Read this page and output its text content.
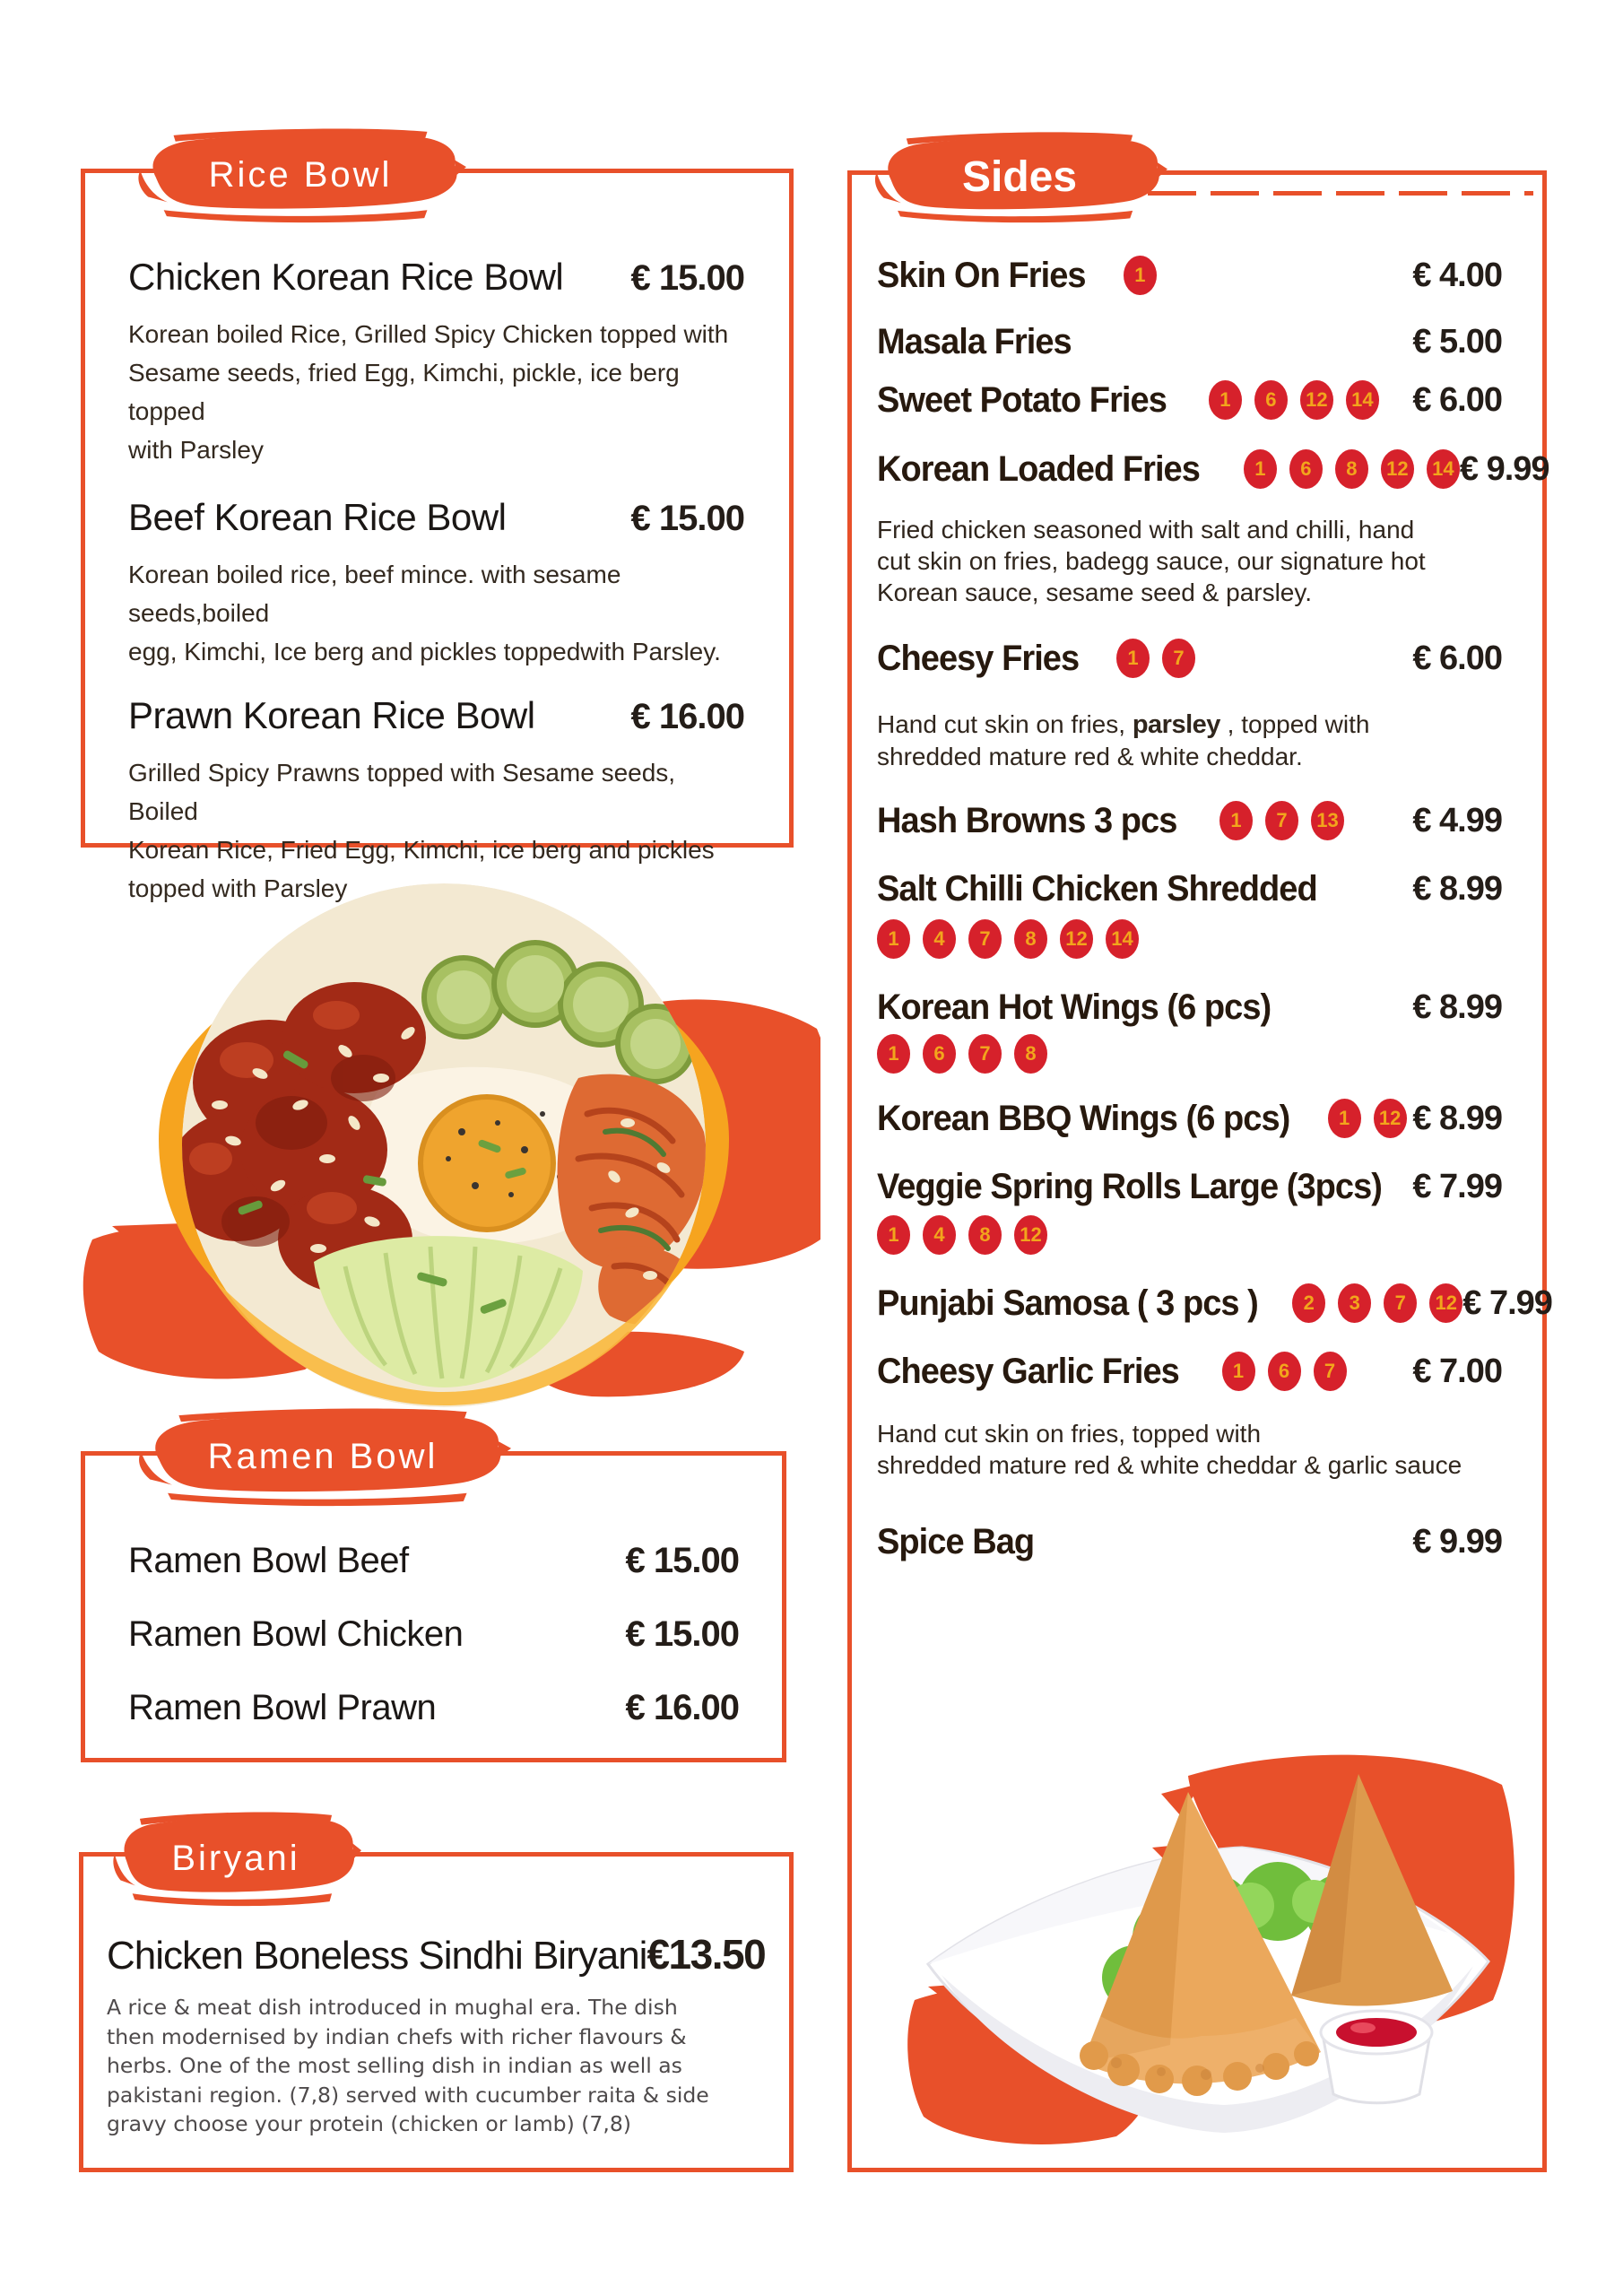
Rice Bowl
Chicken Korean Rice Bowl € 15.00
Korean boiled Rice, Grilled Spicy Chicken topped with
Sesame seeds, fried Egg, Kimchi, pickle, ice berg topped
with Parsley
Beef Korean Rice Bowl	€ 15.00
Korean boiled rice, beef mince. with sesame seeds,boiled
egg, Kimchi, Ice berg and pickles toppedwith Parsley.
Prawn Korean Rice Bowl	€ 16.00
Grilled Spicy Prawns topped with Sesame seeds, Boiled
Korean Rice, Fried Egg, Kimchi, ice berg and pickles
topped with Parsley
Ramen Bowl
Ramen Bowl Beef	€ 15.00
Ramen Bowl Chicken	€ 15.00
Ramen Bowl Prawn	€ 16.00
Biryani
Chicken Boneless Sindhi Biryani €13.50
A rice & meat dish introduced in mughal era. The dish
then modernised by indian chefs with richer flavours &
herbs. One of the most selling dish in indian as well as
pakistani region. (7,8) served with cucumber raita & side
gravy choose your protein (chicken or lamb) (7,8)
Sides
Skin On Fries	1	€ 4.00
Masala Fries	€ 5.00
Sweet Potato Fries	1	6	12 14 € 6.00
Korean Loaded Fries	1	6	8	12 14 € 9.99
Fried chicken seasoned with salt and chilli, hand
cut skin on fries, badegg sauce, our signature hot
Korean sauce, sesame seed & parsley.
Cheesy Fries	1	7	€ 6.00
Hand cut skin on fries, parsley , topped with
shredded mature red & white cheddar.
Hash Browns 3 pcs	1	7	13 € 4.99
Salt Chilli Chicken Shredded	€ 8.99
1	4	7	8	12 14
Korean Hot Wings (6 pcs)	€ 8.99
1	6	7	8
Korean BBQ Wings (6 pcs)	1	12 € 8.99
Veggie Spring Rolls Large (3pcs) € 7.99
1	4	8	12
Punjabi Samosa ( 3 pcs )	2	3	7	12 € 7.99
Cheesy Garlic Fries	1	6	7	€ 7.00
Hand cut skin on fries, topped with
shredded mature red & white cheddar & garlic sauce
Spice Bag	€ 9.99
